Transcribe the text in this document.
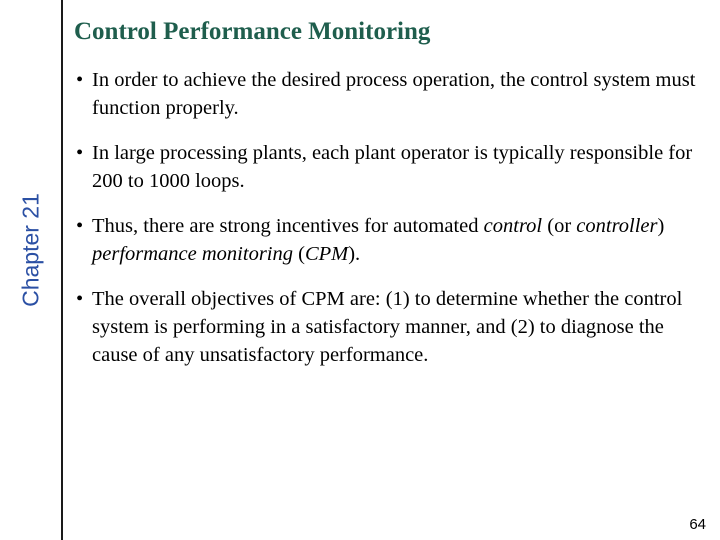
Chapter 21
Control Performance Monitoring
• In order to achieve the desired process operation, the control system must function properly.
• In large processing plants, each plant operator is typically responsible for 200 to 1000 loops.
• Thus, there are strong incentives for automated control (or controller) performance monitoring (CPM).
• The overall objectives of CPM are: (1) to determine whether the control system is performing in a satisfactory manner, and (2) to diagnose the cause of any unsatisfactory performance.
64
